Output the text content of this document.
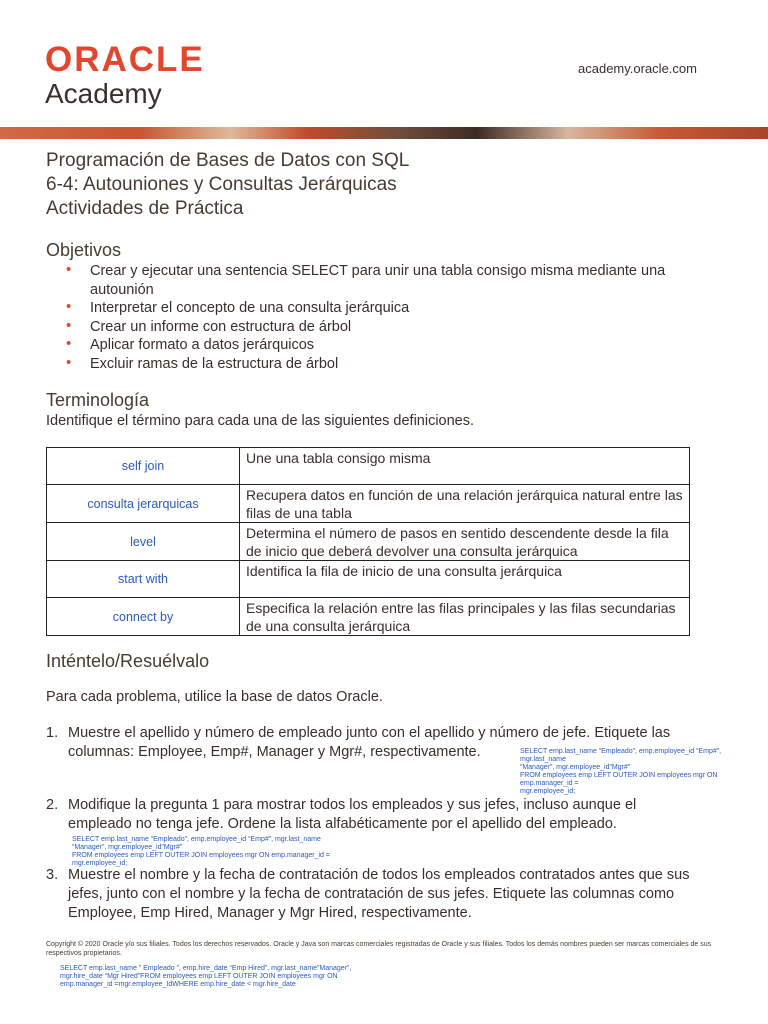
ORACLE
Academy
academy.oracle.com
Programación de Bases de Datos con SQL
6-4: Autouniones y Consultas Jerárquicas
Actividades de Práctica
Objetivos
• Crear y ejecutar una sentencia SELECT para unir una tabla consigo misma mediante una autounión
• Interpretar el concepto de una consulta jerárquica
• Crear un informe con estructura de árbol
• Aplicar formato a datos jerárquicos
• Excluir ramas de la estructura de árbol
Terminología
Identifique el término para cada una de las siguientes definiciones.
self join	Une una tabla consigo misma
consulta jerarquicas	Recupera datos en función de una relación jerárquica natural entre las filas de una tabla
level	Determina el número de pasos en sentido descendente desde la fila de inicio que deberá devolver una consulta jerárquica
start with	Identifica la fila de inicio de una consulta jerárquica
connect by	Especifica la relación entre las filas principales y las filas secundarias de una consulta jerárquica
Inténtelo/Resuélvalo
Para cada problema, utilice la base de datos Oracle.
1. Muestre el apellido y número de empleado junto con el apellido y número de jefe. Etiquete las columnas: Employee, Emp#, Manager y Mgr#, respectivamente.	SELECT emp.last_name “Empleado”, emp.employee_id “Emp#”,
mgr.last_name
“Manager”, mgr.employee_id”Mgr#”
FROM employees emp LEFT OUTER JOIN employees mgr ON
emp.manager_id =
mgr.employee_id;
2. Modifique la pregunta 1 para mostrar todos los empleados y sus jefes, incluso aunque el empleado no tenga jefe. Ordene la lista alfabéticamente por el apellido del empleado.
SELECT emp.last_name “Empleado”, emp.employee_id “Emp#”, mgr.last_name
“Manager”, mgr.employee_id”Mgr#”
FROM employees emp LEFT OUTER JOIN employees mgr ON emp.manager_id =
mgr.employee_id;
3. Muestre el nombre y la fecha de contratación de todos los empleados contratados antes que sus jefes, junto con el nombre y la fecha de contratación de sus jefes. Etiquete las columnas como Employee, Emp Hired, Manager y Mgr Hired, respectivamente.
Copyright © 2020 Oracle y/o sus filiales. Todos los derechos reservados. Oracle y Java son marcas comerciales registradas de Oracle y sus filiales. Todos los demás nombres pueden ser marcas comerciales de sus respectivos propietarios.
SELECT emp.last_name ” Empleado ”, emp.hire_date “Emp Hired”, mgr.last_name”Manager”,
mgr.hire_date “Mgr Hired”FROM employees emp LEFT OUTER JOIN employees mgr ON
emp.manager_id =mgr.employee_IdWHERE emp.hire_date < mgr.hire_date
